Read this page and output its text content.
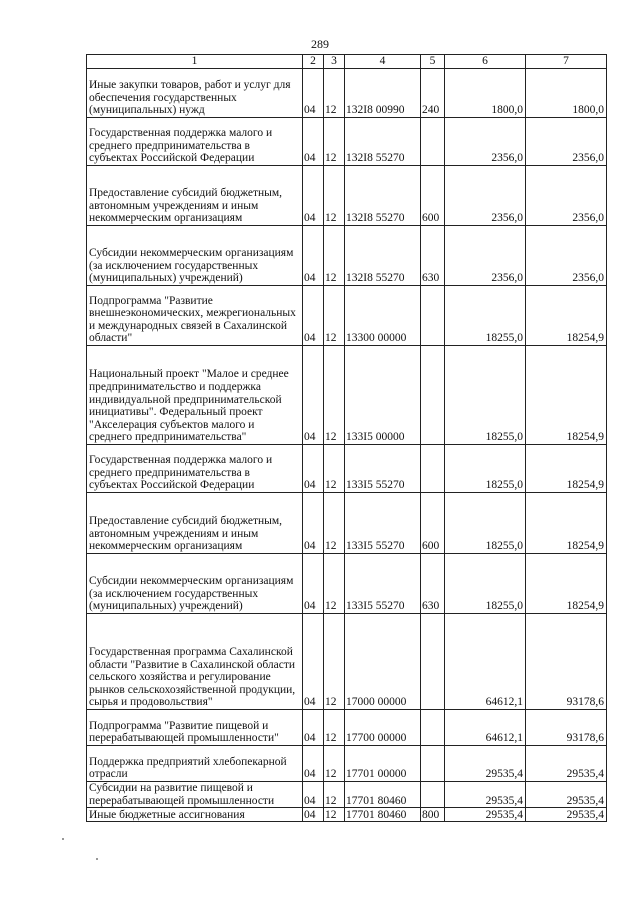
289
1	2	3	4	5	6	7
Иные закупки товаров, работ и услуг для обеспечения государственных (муниципальных) нужд	04	12	132I8 00990	240	1800,0	1800,0
Государственная поддержка малого и среднего предпринимательства в субъектах Российской Федерации	04	12	132I8 55270		2356,0	2356,0
Предоставление субсидий бюджетным, автономным учреждениям и иным некоммерческим организациям	04	12	132I8 55270	600	2356,0	2356,0
Субсидии некоммерческим организациям (за исключением государственных (муниципальных) учреждений)	04	12	132I8 55270	630	2356,0	2356,0
Подпрограмма "Развитие внешнеэкономических, межрегиональных и международных связей в Сахалинской области"	04	12	13300 00000		18255,0	18254,9
Национальный проект "Малое и среднее предпринимательство и поддержка индивидуальной предпринимательской инициативы". Федеральный проект "Акселерация субъектов малого и среднего предпринимательства"	04	12	133I5 00000		18255,0	18254,9
Государственная поддержка малого и среднего предпринимательства в субъектах Российской Федерации	04	12	133I5 55270		18255,0	18254,9
Предоставление субсидий бюджетным, автономным учреждениям и иным некоммерческим организациям	04	12	133I5 55270	600	18255,0	18254,9
Субсидии некоммерческим организациям (за исключением государственных (муниципальных) учреждений)	04	12	133I5 55270	630	18255,0	18254,9
Государственная программа Сахалинской области "Развитие в Сахалинской области сельского хозяйства и регулирование рынков сельскохозяйственной продукции, сырья и продовольствия"	04	12	17000 00000		64612,1	93178,6
Подпрограмма "Развитие пищевой и перерабатывающей промышленности"	04	12	17700 00000		64612,1	93178,6
Поддержка предприятий хлебопекарной отрасли	04	12	17701 00000		29535,4	29535,4
Субсидии на развитие пищевой и перерабатывающей промышленности	04	12	17701 80460		29535,4	29535,4
Иные бюджетные ассигнования	04	12	17701 80460	800	29535,4	29535,4
